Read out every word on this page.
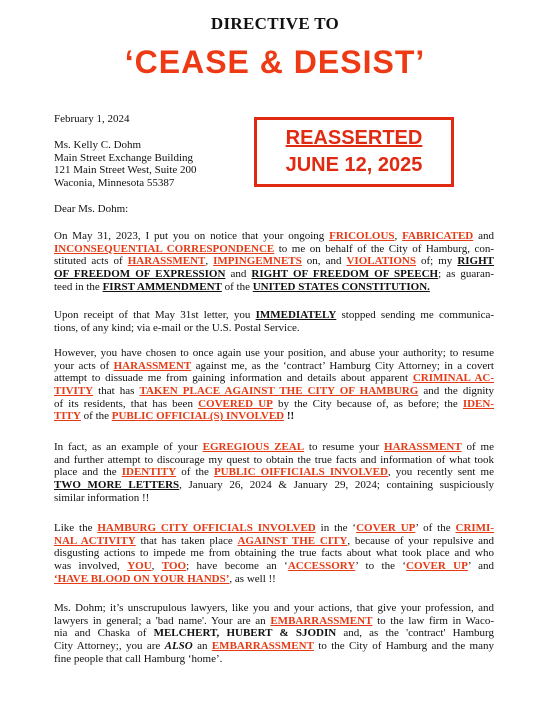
DIRECTIVE TO
‘CEASE & DESIST’
REASSERTED
JUNE 12, 2025
February 1, 2024
Ms. Kelly C. Dohm
Main Street Exchange Building
121 Main Street West, Suite 200
Waconia, Minnesota 55387
Dear Ms. Dohm:
On May 31, 2023, I put you on notice that your ongoing FRICOLOUS, FABRICATED and
INCONSEQUENTIAL CORRESPONDENCE to me on behalf of the City of Hamburg, con-
stituted acts of HARASSMENT, IMPINGEMNETS on, and VIOLATIONS of; my RIGHT
OF FREEDOM OF EXPRESSION and RIGHT OF FREEDOM OF SPEECH; as guaran-
teed in the FIRST AMMENDMENT of the UNITED STATES CONSTITUTION.
Upon receipt of that May 31st letter, you IMMEDIATELY stopped sending me communica-
tions, of any kind; via e-mail or the U.S. Postal Service.
However, you have chosen to once again use your position, and abuse your authority; to resume
your acts of HARASSMENT against me, as the ‘contract’ Hamburg City Attorney; in a covert
attempt to dissuade me from gaining information and details about apparent CRIMINAL AC-
TIVITY that has TAKEN PLACE AGAINST THE CITY OF HAMBURG and the dignity
of its residents, that has been COVERED UP by the City because of, as before; the IDEN-
TITY of the PUBLIC OFFICIAL(S) INVOLVED !!
In fact, as an example of your EGREGIOUS ZEAL to resume your HARASSMENT of me
and further attempt to discourage my quest to obtain the true facts and information of what took
place and the IDENTITY of the PUBLIC OIFFICIALS INVOLVED, you recently sent me
TWO MORE LETTERS, January 26, 2024 & January 29, 2024; containing suspiciously
similar information !!
Like the HAMBURG CITY OFFICIALS INVOLVED in the ‘COVER UP’ of the CRIMI-
NAL ACTIVITY that has taken place AGAINST THE CITY, because of your repulsive and
disgusting actions to impede me from obtaining the true facts about what took place and who
was involved, YOU, TOO; have become an ‘ACCESSORY’ to the ‘COVER UP’ and
‘HAVE BLOOD ON YOUR HANDS’, as well !!
Ms. Dohm; it’s unscrupulous lawyers, like you and your actions, that give your profession, and
lawyers in general; a 'bad name'. Your are an EMBARRASSMENT to the law firm in Waco-
nia and Chaska of MELCHERT, HUBERT & SJODIN and, as the 'contract' Hamburg
City Attorney;, you are ALSO an EMBARRASSMENT to the City of Hamburg and the many
fine people that call Hamburg ‘home’.
